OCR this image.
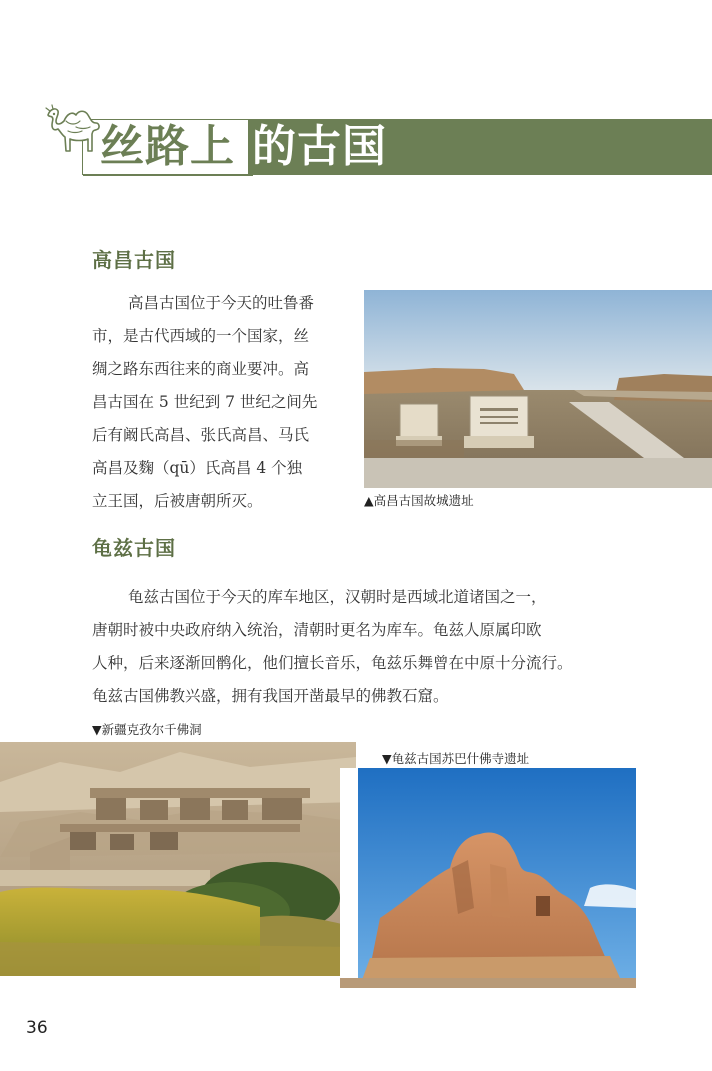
丝路上 的古国
高昌古国
高昌古国位于今天的吐鲁番
市，是古代西域的一个国家，丝
绸之路东西往来的商业要冲。高
昌古国在 5 世纪到 7 世纪之间先
后有阚氏高昌、张氏高昌、马氏
高昌及麴（qū）氏高昌 4 个独
立王国，后被唐朝所灭。	▲高昌古国故城遗址
龟兹古国
龟兹古国位于今天的库车地区，汉朝时是西域北道诸国之一，
唐朝时被中央政府纳入统治，清朝时更名为库车。龟兹人原属印欧
人种，后来逐渐回鹘化，他们擅长音乐，龟兹乐舞曾在中原十分流行。
龟兹古国佛教兴盛，拥有我国开凿最早的佛教石窟。
▼新疆克孜尔千佛洞
▼龟兹古国苏巴什佛寺遗址
36
